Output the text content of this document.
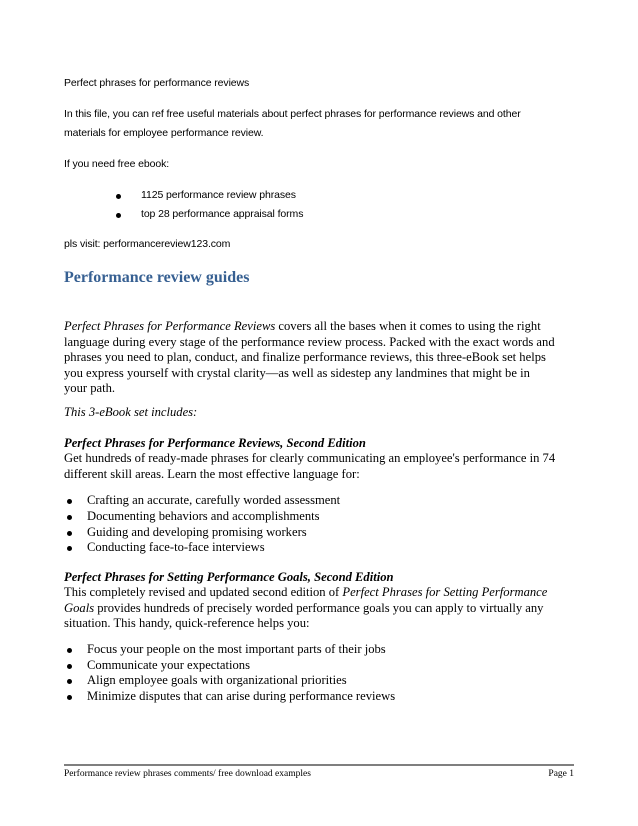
Perfect phrases for performance reviews
In this file, you can ref free useful materials about perfect phrases for performance reviews and other
materials for employee performance review.
If you need free ebook:
1125 performance review phrases
top 28 performance appraisal forms
pls visit: performancereview123.com
Performance review guides
Perfect Phrases for Performance Reviews covers all the bases when it comes to using the right
language during every stage of the performance review process. Packed with the exact words and
phrases you need to plan, conduct, and finalize performance reviews, this three-eBook set helps
you express yourself with crystal clarity—as well as sidestep any landmines that might be in
your path.
This 3-eBook set includes:
Perfect Phrases for Performance Reviews, Second Edition
Get hundreds of ready-made phrases for clearly communicating an employee's performance in 74
different skill areas. Learn the most effective language for:
Crafting an accurate, carefully worded assessment
Documenting behaviors and accomplishments
Guiding and developing promising workers
Conducting face-to-face interviews
Perfect Phrases for Setting Performance Goals, Second Edition
This completely revised and updated second edition of Perfect Phrases for Setting Performance
Goals provides hundreds of precisely worded performance goals you can apply to virtually any
situation. This handy, quick-reference helps you:
Focus your people on the most important parts of their jobs
Communicate your expectations
Align employee goals with organizational priorities
Minimize disputes that can arise during performance reviews
Performance review phrases comments/ free download examples	Page 1
